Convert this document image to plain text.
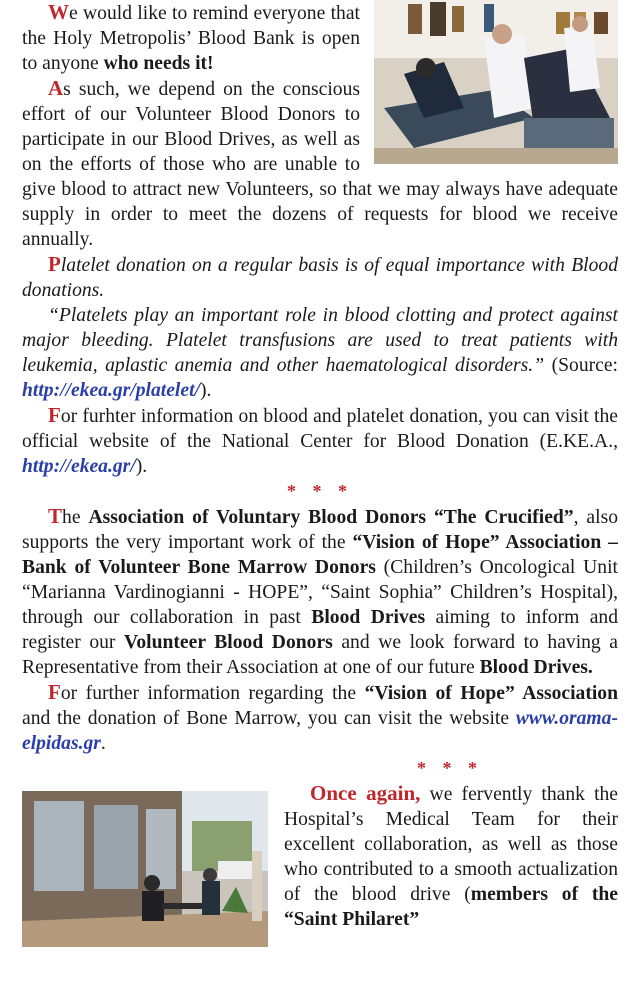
We would like to remind everyone that the Holy Metropolis’ Blood Bank is open to anyone who needs it!

As such, we depend on the conscious effort of our Volunteer Blood Donors to participate in our Blood Drives, as well as on the efforts of those who are unable to give blood to attract new Volunteers, so that we may always have adequate supply in order to meet the dozens of requests for blood we receive annually.

Platelet donation on a regular basis is of equal importance with Blood donations.

“Platelets play an important role in blood clotting and protect against major bleeding. Platelet transfusions are used to treat patients with leukemia, aplastic anemia and other haematological disorders.” (Source: http://ekea.gr/platelet/).

For furhter information on blood and platelet donation, you can visit the official website of the National Center for Blood Donation (E.KE.A., http://ekea.gr/).

* * *

The Association of Voluntary Blood Donors “The Crucified”, also supports the very important work of the “Vision of Hope” Association – Bank of Volunteer Bone Marrow Donors (Children’s Oncological Unit “Marianna Vardinogianni - HOPE”, “Saint Sophia” Children’s Hospital), through our collaboration in past Blood Drives aiming to inform and register our Volunteer Blood Donors and we look forward to having a Representative from their Association at one of our future Blood Drives.

For further information regarding the “Vision of Hope” Association and the donation of Bone Marrow, you can visit the website www.orama-elpidas.gr.

* * *

Once again, we fervently thank the Hospital’s Medical Team for their excellent collaboration, as well as those who contributed to a smooth actualization of the blood drive (members of the “Saint Philaret”
